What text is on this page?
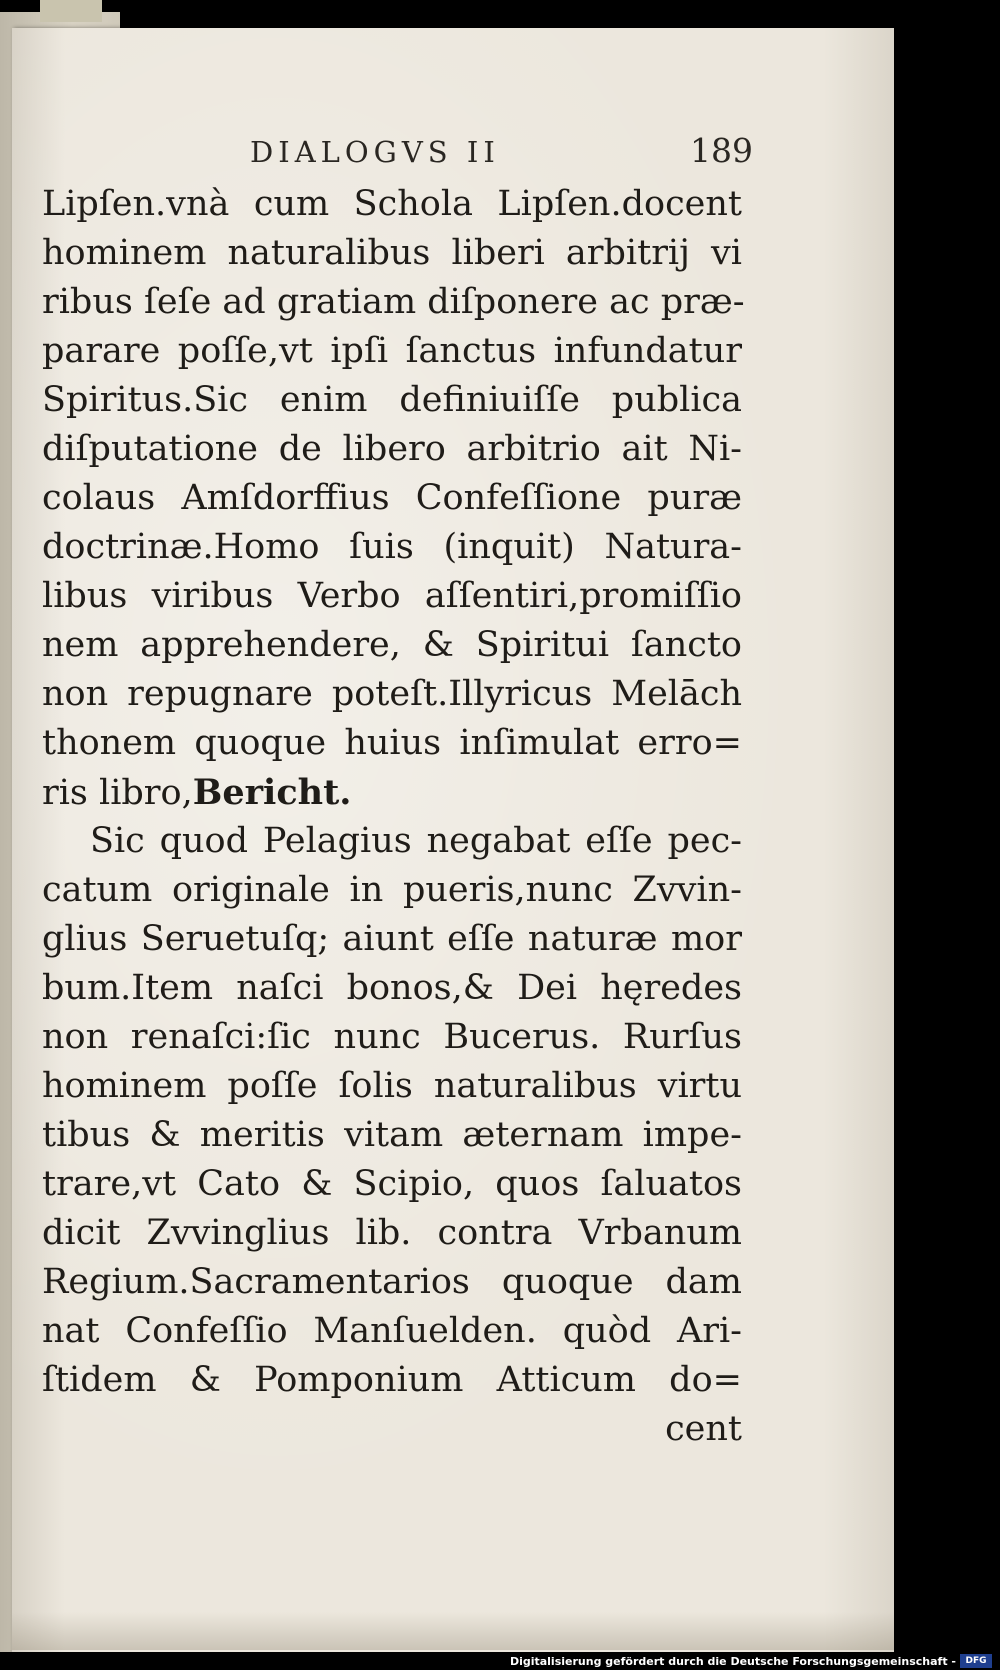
DIALOGVS II	189
Lipſen.vnà cum Schola Lipſen.docent
hominem naturalibus liberi arbitrij vi
ribus ſeſe ad gratiam diſponere ac præ-
parare poſſe,vt ipſi ſanctus infundatur
Spiritus.Sic enim definiuiſſe publica
diſputatione de libero arbitrio ait Ni-
colaus Amſdorffius Confeſſione puræ
doctrinæ.Homo ſuis (inquit) Natura-
libus viribus Verbo aſſentiri,promiſſio
nem apprehendere, & Spiritui ſancto
non repugnare poteſt.Illyricus Melāch
thonem quoque huius inſimulat erro=
ris libro,Bericht.
Sic quod Pelagius negabat eſſe pec-
catum originale in pueris,nunc Zvvin-
glius Seruetuſq; aiunt eſſe naturæ mor
bum.Item naſci bonos,& Dei hęredes
non renaſci:ſic nunc Bucerus. Rurſus
hominem poſſe ſolis naturalibus virtu
tibus & meritis vitam æternam impe-
trare,vt Cato & Scipio, quos ſaluatos
dicit Zvvinglius lib. contra Vrbanum
Regium.Sacramentarios quoque dam
nat Confeſſio Manſuelden. quòd Ari-
ſtidem & Pomponium Atticum do=
cent
Digitalisierung gefördert durch die Deutsche Forschungsgemeinschaft -	DFG
